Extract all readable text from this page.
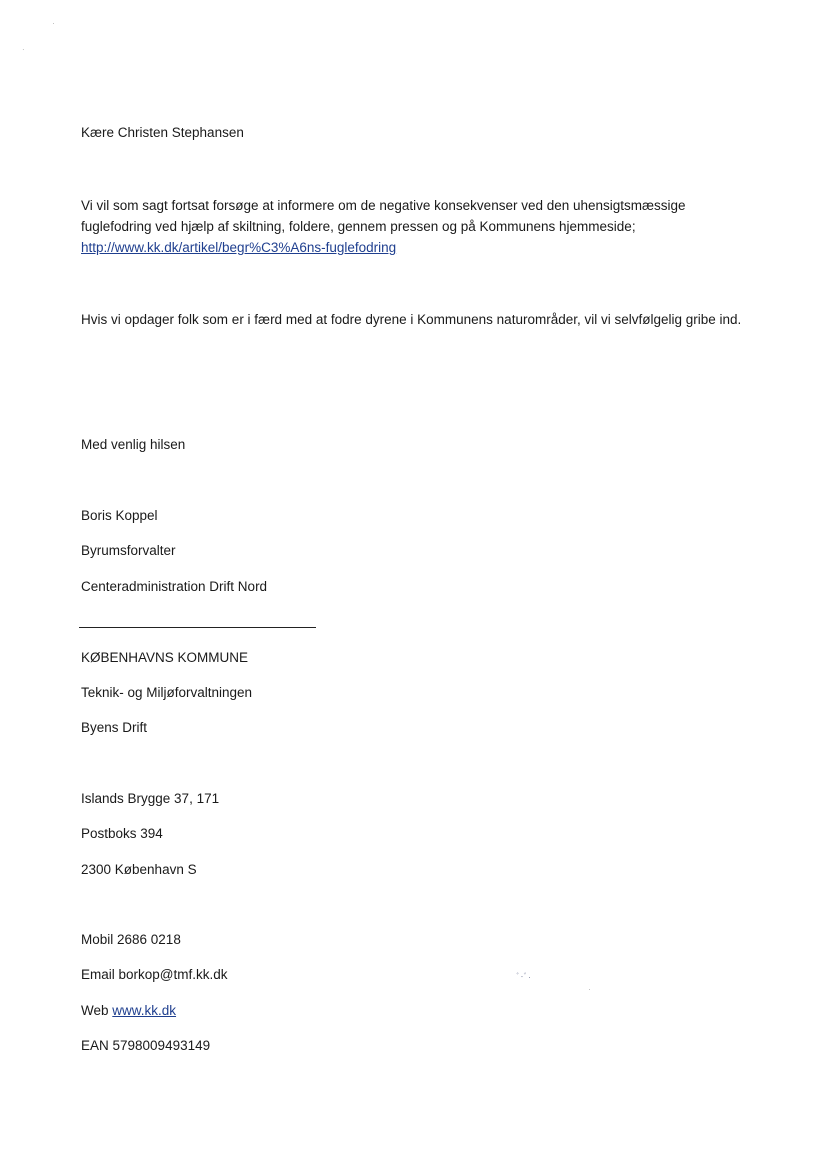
Kære Christen Stephansen
Vi vil som sagt fortsat forsøge at informere om de negative konsekvenser ved den uhensigtsmæssige fuglefodring ved hjælp af skiltning, foldere, gennem pressen og på Kommunens hjemmeside;
http://www.kk.dk/artikel/begr%C3%A6ns-fuglefodring
Hvis vi opdager folk som er i færd med at fodre dyrene i Kommunens naturområder, vil vi selvfølgelig gribe ind.
Med venlig hilsen
Boris Koppel
Byrumsforvalter
Centeradministration Drift Nord
KØBENHAVNS KOMMUNE
Teknik- og Miljøforvaltningen
Byens Drift
Islands Brygge 37, 171
Postboks 394
2300 København S
Mobil 2686 0218
Email borkop@tmf.kk.dk
Web www.kk.dk
EAN 5798009493149
·
∙
ﾞ·ﾞ·
·
